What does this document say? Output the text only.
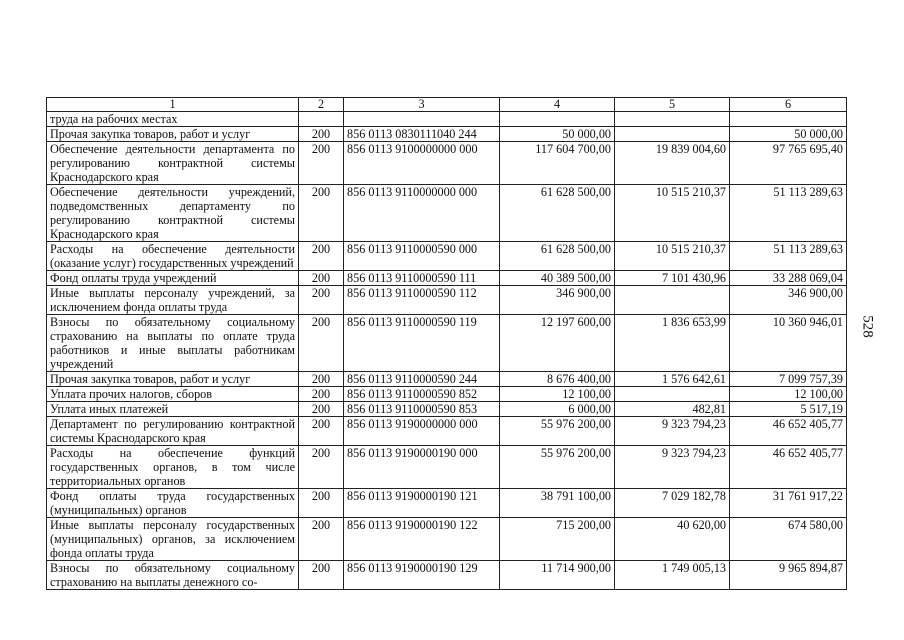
1	2	3	4	5	6
труда на рабочих местах					
Прочая закупка товаров, работ и услуг	200	856 0113 0830111040 244	50 000,00		50 000,00
Обеспечение деятельности департамента по регулированию контрактной системы Краснодарского края	200	856 0113 9100000000 000	117 604 700,00	19 839 004,60	97 765 695,40
Обеспечение деятельности учреждений, подведомственных департаменту по регулированию контрактной системы Краснодарского края	200	856 0113 9110000000 000	61 628 500,00	10 515 210,37	51 113 289,63
Расходы на обеспечение деятельности (оказание услуг) государственных учреждений	200	856 0113 9110000590 000	61 628 500,00	10 515 210,37	51 113 289,63
Фонд оплаты труда учреждений	200	856 0113 9110000590 111	40 389 500,00	7 101 430,96	33 288 069,04
Иные выплаты персоналу учреждений, за исключением фонда оплаты труда	200	856 0113 9110000590 112	346 900,00		346 900,00
Взносы по обязательному социальному страхованию на выплаты по оплате труда работников и иные выплаты работникам учреждений	200	856 0113 9110000590 119	12 197 600,00	1 836 653,99	10 360 946,01
Прочая закупка товаров, работ и услуг	200	856 0113 9110000590 244	8 676 400,00	1 576 642,61	7 099 757,39
Уплата прочих налогов, сборов	200	856 0113 9110000590 852	12 100,00		12 100,00
Уплата иных платежей	200	856 0113 9110000590 853	6 000,00	482,81	5 517,19
Департамент по регулированию контрактной системы Краснодарского края	200	856 0113 9190000000 000	55 976 200,00	9 323 794,23	46 652 405,77
Расходы на обеспечение функций государственных органов, в том числе территориальных органов	200	856 0113 9190000190 000	55 976 200,00	9 323 794,23	46 652 405,77
Фонд оплаты труда государственных (муниципальных) органов	200	856 0113 9190000190 121	38 791 100,00	7 029 182,78	31 761 917,22
Иные выплаты персоналу государственных (муниципальных) органов, за исключением фонда оплаты труда	200	856 0113 9190000190 122	715 200,00	40 620,00	674 580,00
Взносы по обязательному социальному страхованию на выплаты денежного со-	200	856 0113 9190000190 129	11 714 900,00	1 749 005,13	9 965 894,87
528
